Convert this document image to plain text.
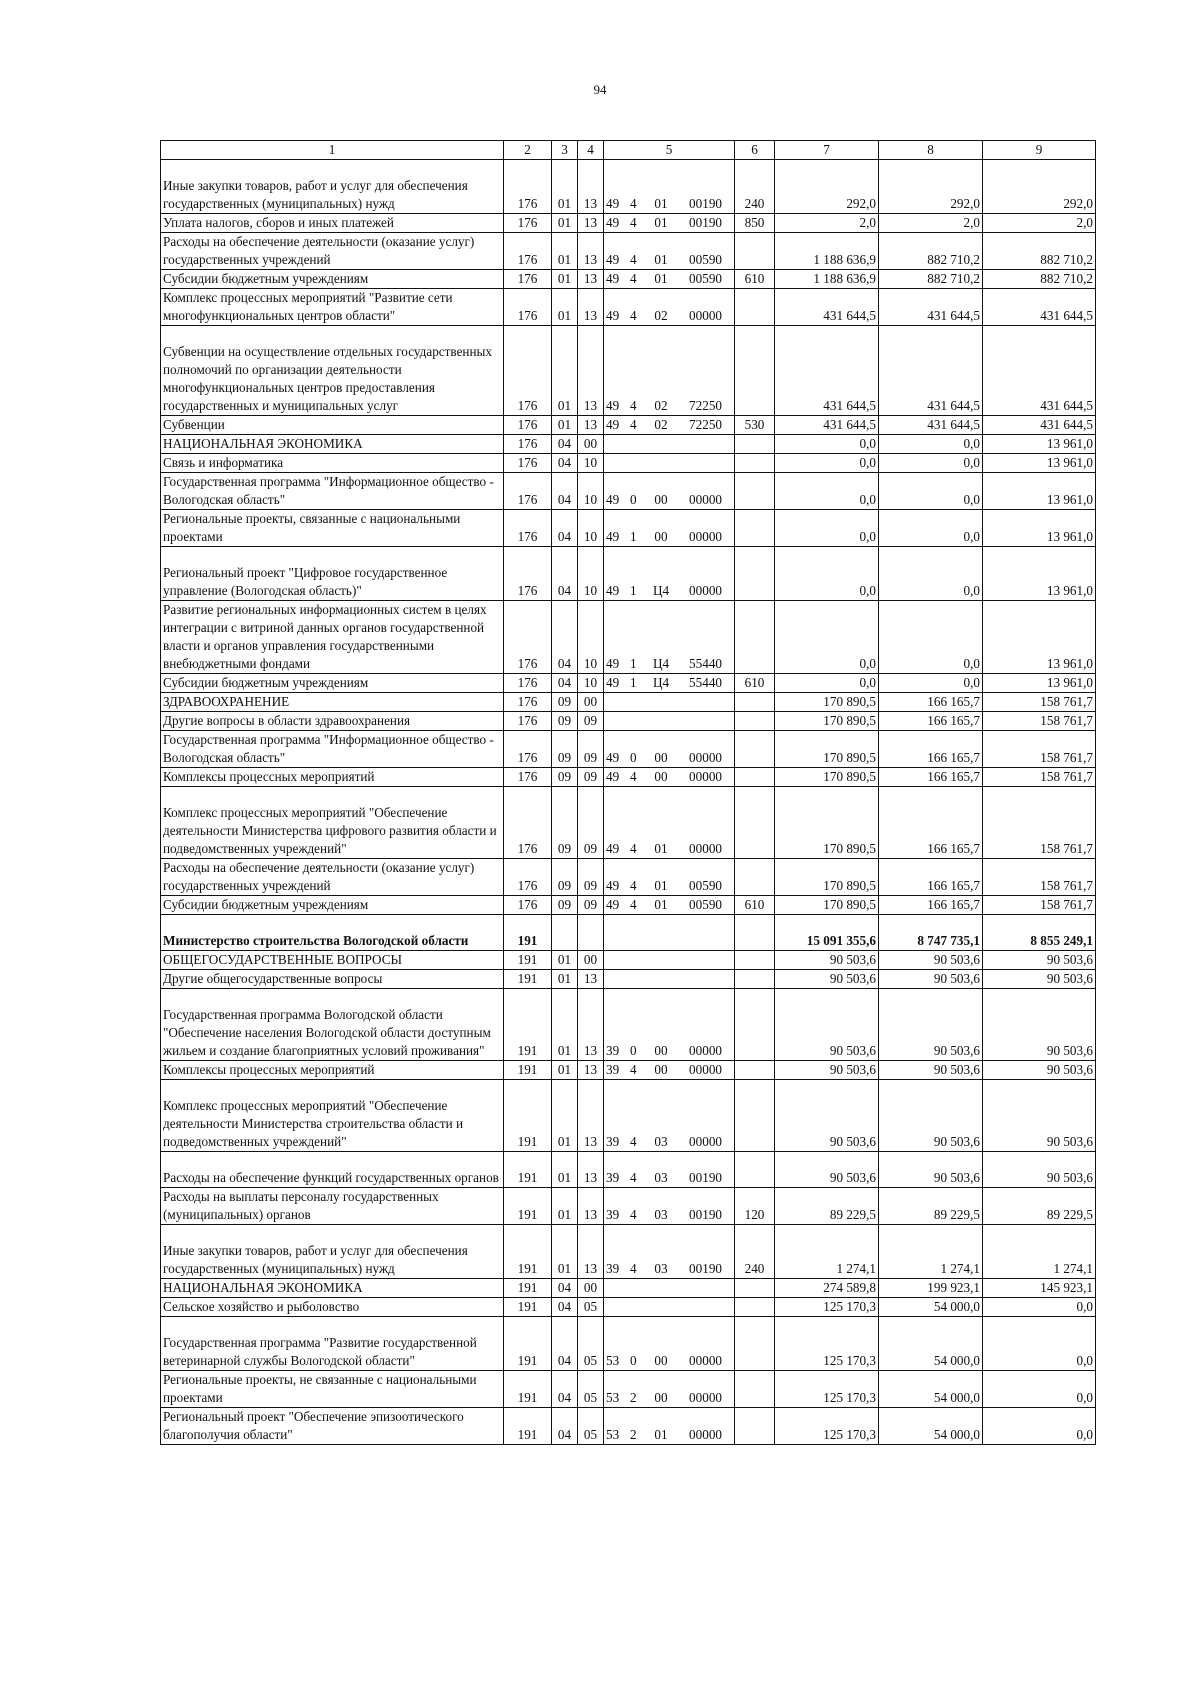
94
1	2	3	4	5	6	7	8	9
Иные закупки товаров, работ и услуг для обеспечения государственных (муниципальных) нужд	176	01	13	49 4 01 00190	240	292,0	292,0	292,0
Уплата налогов, сборов и иных платежей	176	01	13	49 4 01 00190	850	2,0	2,0	2,0
Расходы на обеспечение деятельности (оказание услуг) государственных учреждений	176	01	13	49 4 01 00590		1 188 636,9	882 710,2	882 710,2
Субсидии бюджетным учреждениям	176	01	13	49 4 01 00590	610	1 188 636,9	882 710,2	882 710,2
Комплекс процессных мероприятий "Развитие сети многофункциональных центров области"	176	01	13	49 4 02 00000		431 644,5	431 644,5	431 644,5
Субвенции на осуществление отдельных государственных полномочий по организации деятельности многофункциональных центров предоставления государственных и муниципальных услуг	176	01	13	49 4 02 72250		431 644,5	431 644,5	431 644,5
Субвенции	176	01	13	49 4 02 72250	530	431 644,5	431 644,5	431 644,5
НАЦИОНАЛЬНАЯ ЭКОНОМИКА	176	04	00			0,0	0,0	13 961,0
Связь и информатика	176	04	10			0,0	0,0	13 961,0
Государственная программа "Информационное общество - Вологодская область"	176	04	10	49 0 00 00000		0,0	0,0	13 961,0
Региональные проекты, связанные с национальными проектами	176	04	10	49 1 00 00000		0,0	0,0	13 961,0
Региональный проект "Цифровое государственное управление (Вологодская область)"	176	04	10	49 1 Ц4 00000		0,0	0,0	13 961,0
Развитие региональных информационных систем в целях интеграции с витриной данных органов государственной власти и органов управления государственными внебюджетными фондами	176	04	10	49 1 Ц4 55440		0,0	0,0	13 961,0
Субсидии бюджетным учреждениям	176	04	10	49 1 Ц4 55440	610	0,0	0,0	13 961,0
ЗДРАВООХРАНЕНИЕ	176	09	00			170 890,5	166 165,7	158 761,7
Другие вопросы в области здравоохранения	176	09	09			170 890,5	166 165,7	158 761,7
Государственная программа "Информационное общество - Вологодская область"	176	09	09	49 0 00 00000		170 890,5	166 165,7	158 761,7
Комплексы процессных мероприятий	176	09	09	49 4 00 00000		170 890,5	166 165,7	158 761,7
Комплекс процессных мероприятий "Обеспечение деятельности Министерства цифрового развития области и подведомственных учреждений"	176	09	09	49 4 01 00000		170 890,5	166 165,7	158 761,7
Расходы на обеспечение деятельности (оказание услуг) государственных учреждений	176	09	09	49 4 01 00590		170 890,5	166 165,7	158 761,7
Субсидии бюджетным учреждениям	176	09	09	49 4 01 00590	610	170 890,5	166 165,7	158 761,7
Министерство строительства Вологодской области	191					15 091 355,6	8 747 735,1	8 855 249,1
ОБЩЕГОСУДАРСТВЕННЫЕ ВОПРОСЫ	191	01	00			90 503,6	90 503,6	90 503,6
Другие общегосударственные вопросы	191	01	13			90 503,6	90 503,6	90 503,6
Государственная программа Вологодской области "Обеспечение населения Вологодской области доступным жильем и создание благоприятных условий проживания"	191	01	13	39 0 00 00000		90 503,6	90 503,6	90 503,6
Комплексы процессных мероприятий	191	01	13	39 4 00 00000		90 503,6	90 503,6	90 503,6
Комплекс процессных мероприятий "Обеспечение деятельности Министерства строительства области и подведомственных учреждений"	191	01	13	39 4 03 00000		90 503,6	90 503,6	90 503,6
Расходы на обеспечение функций государственных органов	191	01	13	39 4 03 00190		90 503,6	90 503,6	90 503,6
Расходы на выплаты персоналу государственных (муниципальных) органов	191	01	13	39 4 03 00190	120	89 229,5	89 229,5	89 229,5
Иные закупки товаров, работ и услуг для обеспечения государственных (муниципальных) нужд	191	01	13	39 4 03 00190	240	1 274,1	1 274,1	1 274,1
НАЦИОНАЛЬНАЯ ЭКОНОМИКА	191	04	00			274 589,8	199 923,1	145 923,1
Сельское хозяйство и рыболовство	191	04	05			125 170,3	54 000,0	0,0
Государственная программа "Развитие государственной ветеринарной службы Вологодской области"	191	04	05	53 0 00 00000		125 170,3	54 000,0	0,0
Региональные проекты, не связанные с национальными проектами	191	04	05	53 2 00 00000		125 170,3	54 000,0	0,0
Региональный проект "Обеспечение эпизоотического благополучия области"	191	04	05	53 2 01 00000		125 170,3	54 000,0	0,0
